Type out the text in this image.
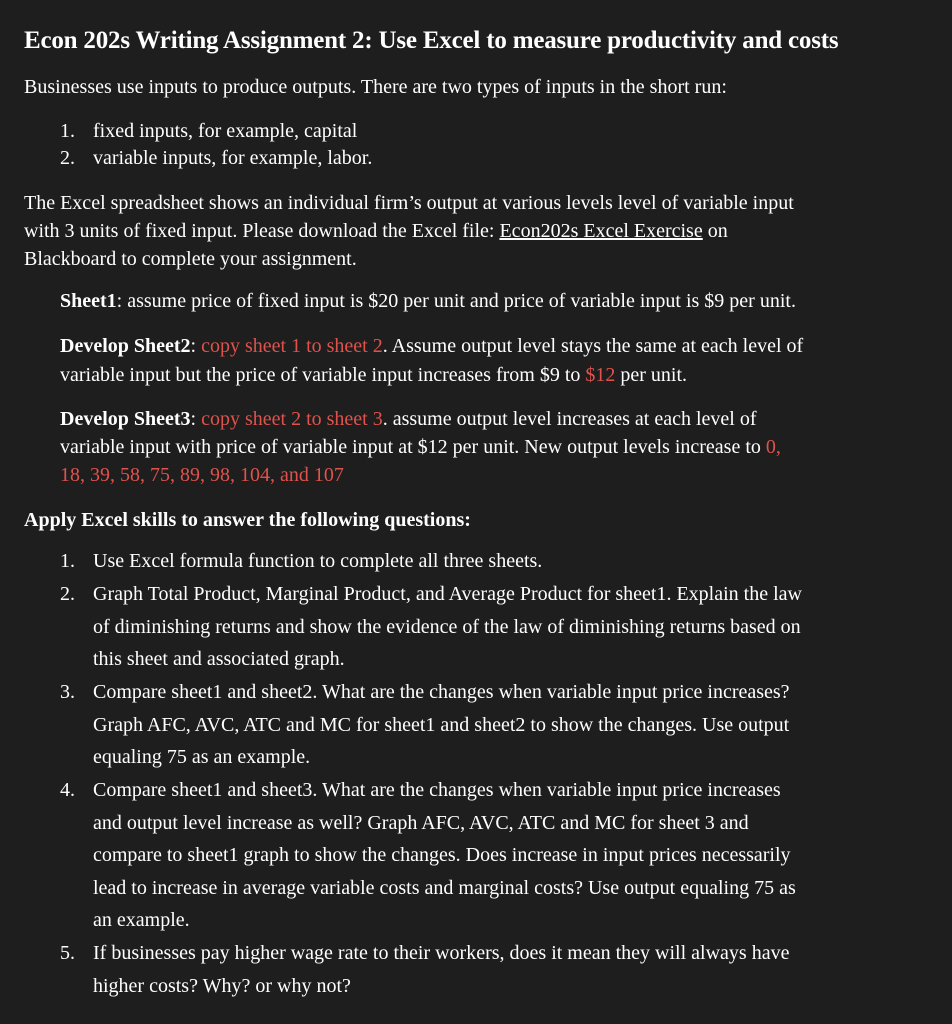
Econ 202s Writing Assignment 2: Use Excel to measure productivity and costs
Businesses use inputs to produce outputs. There are two types of inputs in the short run:
1. fixed inputs, for example, capital
2. variable inputs, for example, labor.
The Excel spreadsheet shows an individual firm’s output at various levels level of variable input
with 3 units of fixed input. Please download the Excel file: Econ202s Excel Exercise on
Blackboard to complete your assignment.
Sheet1: assume price of fixed input is $20 per unit and price of variable input is $9 per unit.
Develop Sheet2: copy sheet 1 to sheet 2. Assume output level stays the same at each level of
variable input but the price of variable input increases from $9 to $12 per unit.
Develop Sheet3: copy sheet 2 to sheet 3. assume output level increases at each level of
variable input with price of variable input at $12 per unit. New output levels increase to 0,
18, 39, 58, 75, 89, 98, 104, and 107
Apply Excel skills to answer the following questions:
1. Use Excel formula function to complete all three sheets.
2. Graph Total Product, Marginal Product, and Average Product for sheet1. Explain the law
of diminishing returns and show the evidence of the law of diminishing returns based on
this sheet and associated graph.
3. Compare sheet1 and sheet2. What are the changes when variable input price increases?
Graph AFC, AVC, ATC and MC for sheet1 and sheet2 to show the changes. Use output
equaling 75 as an example.
4. Compare sheet1 and sheet3. What are the changes when variable input price increases
and output level increase as well? Graph AFC, AVC, ATC and MC for sheet 3 and
compare to sheet1 graph to show the changes. Does increase in input prices necessarily
lead to increase in average variable costs and marginal costs? Use output equaling 75 as
an example.
5. If businesses pay higher wage rate to their workers, does it mean they will always have
higher costs? Why? or why not?
